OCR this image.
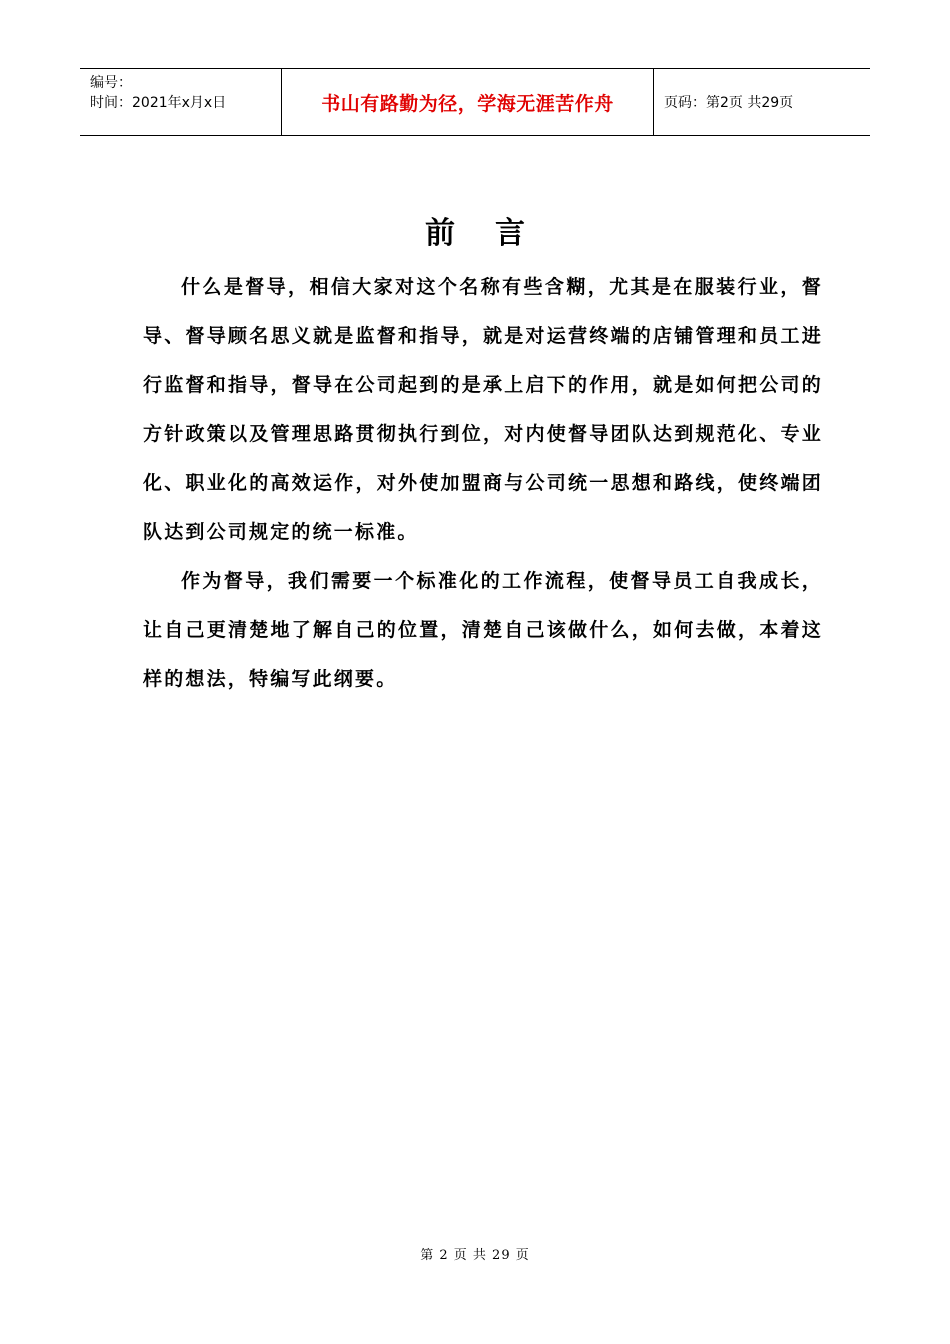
编号：
时间：2021年x月x日	书山有路勤为径，学海无涯苦作舟	页码：第2页 共29页
前言

什么是督导，相信大家对这个名称有些含糊，尤其是在服装行业，督导、督导顾名思义就是监督和指导，就是对运营终端的店铺管理和员工进行监督和指导，督导在公司起到的是承上启下的作用，就是如何把公司的方针政策以及管理思路贯彻执行到位，对内使督导团队达到规范化、专业化、职业化的高效运作，对外使加盟商与公司统一思想和路线，使终端团队达到公司规定的统一标准。

作为督导，我们需要一个标准化的工作流程，使督导员工自我成长，让自己更清楚地了解自己的位置，清楚自己该做什么，如何去做，本着这样的想法，特编写此纲要。

第 2 页 共 29 页
